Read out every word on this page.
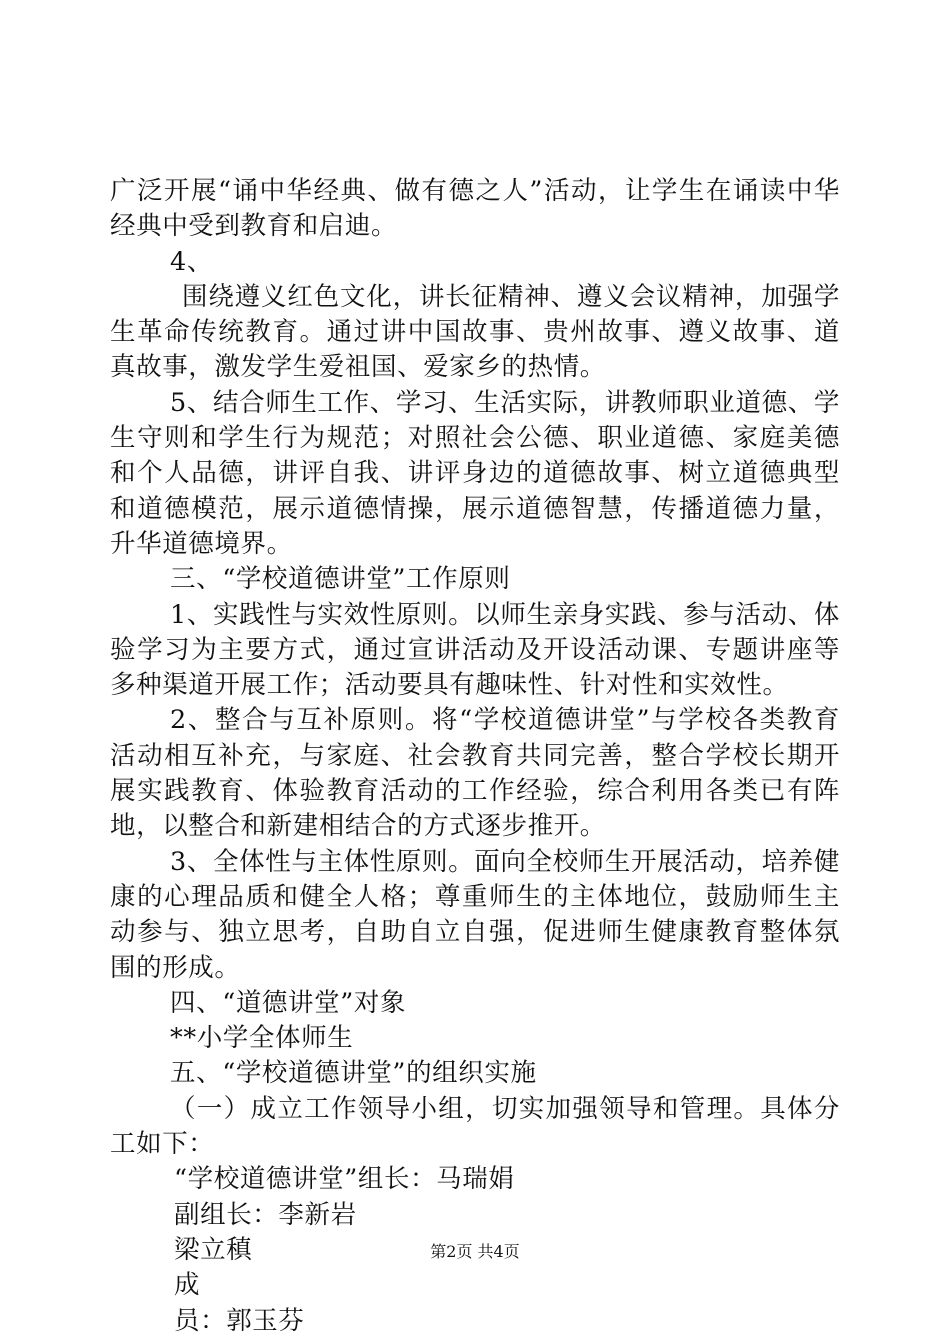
广泛开展“诵中华经典、做有德之人”活动，让学生在诵读中华经典中受到教育和启迪。

4、

围绕遵义红色文化，讲长征精神、遵义会议精神，加强学生革命传统教育。通过讲中国故事、贵州故事、遵义故事、道真故事，激发学生爱祖国、爱家乡的热情。

5、结合师生工作、学习、生活实际，讲教师职业道德、学生守则和学生行为规范；对照社会公德、职业道德、家庭美德和个人品德，讲评自我、讲评身边的道德故事、树立道德典型和道德模范，展示道德情操，展示道德智慧，传播道德力量，升华道德境界。

三、“学校道德讲堂”工作原则

1、实践性与实效性原则。以师生亲身实践、参与活动、体验学习为主要方式，通过宣讲活动及开设活动课、专题讲座等多种渠道开展工作；活动要具有趣味性、针对性和实效性。

2、整合与互补原则。将“学校道德讲堂”与学校各类教育活动相互补充，与家庭、社会教育共同完善，整合学校长期开展实践教育、体验教育活动的工作经验，综合利用各类已有阵地，以整合和新建相结合的方式逐步推开。

3、全体性与主体性原则。面向全校师生开展活动，培养健康的心理品质和健全人格；尊重师生的主体地位，鼓励师生主动参与、独立思考，自助自立自强，促进师生健康教育整体氛围的形成。

四、“道德讲堂”对象

**小学全体师生

五、“学校道德讲堂”的组织实施

（一）成立工作领导小组，切实加强领导和管理。具体分工如下：

“学校道德讲堂”组长：马瑞娟

副组长：李新岩

梁立稹

成

员：郭玉芬

第2页 共4页
